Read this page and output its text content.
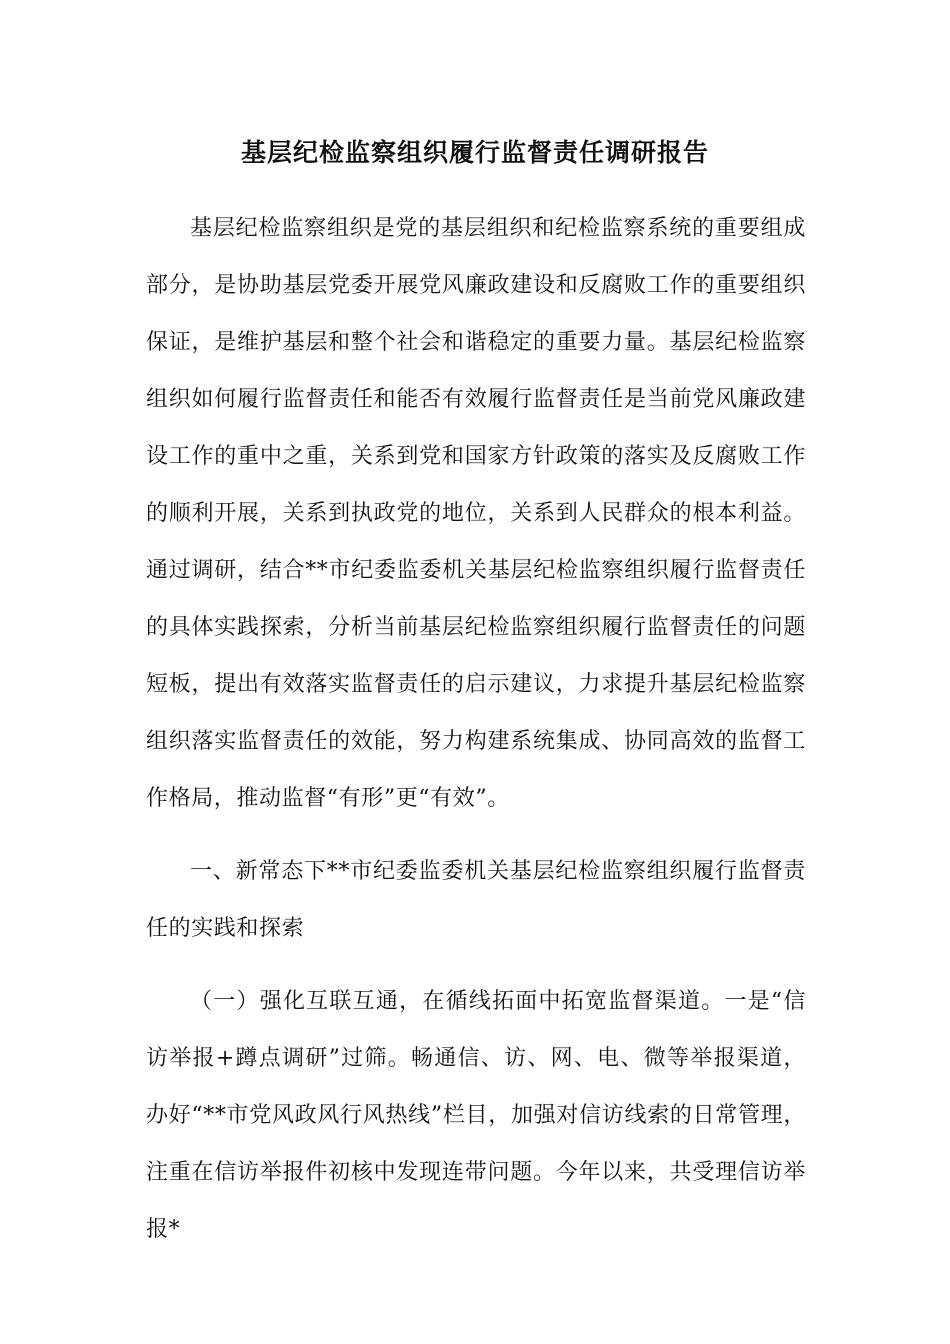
基层纪检监察组织履行监督责任调研报告

基层纪检监察组织是党的基层组织和纪检监察系统的重要组成部分，是协助基层党委开展党风廉政建设和反腐败工作的重要组织保证，是维护基层和整个社会和谐稳定的重要力量。基层纪检监察组织如何履行监督责任和能否有效履行监督责任是当前党风廉政建设工作的重中之重，关系到党和国家方针政策的落实及反腐败工作的顺利开展，关系到执政党的地位，关系到人民群众的根本利益。通过调研，结合**市纪委监委机关基层纪检监察组织履行监督责任的具体实践探索，分析当前基层纪检监察组织履行监督责任的问题短板，提出有效落实监督责任的启示建议，力求提升基层纪检监察组织落实监督责任的效能，努力构建系统集成、协同高效的监督工作格局，推动监督“有形”更“有效”。

一、新常态下**市纪委监委机关基层纪检监察组织履行监督责任的实践和探索

（一）强化互联互通，在循线拓面中拓宽监督渠道。一是“信访举报+蹲点调研”过筛。畅通信、访、网、电、微等举报渠道，办好“**市党风政风行风热线”栏目，加强对信访线索的日常管理，注重在信访举报件初核中发现连带问题。今年以来，共受理信访举报*
